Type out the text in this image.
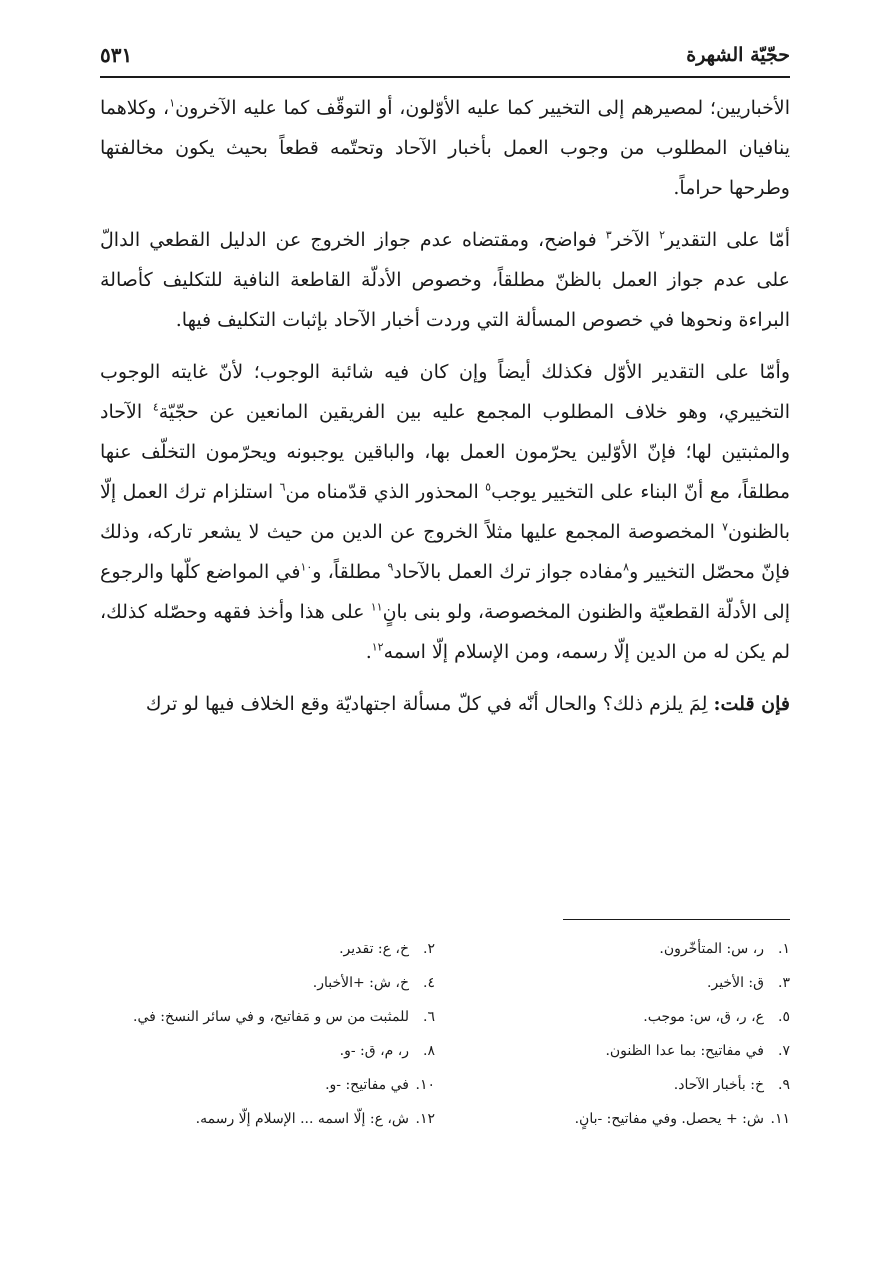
حجّيّة الشهرة
٥٣١
الأخباريين؛ لمصيرهم إلى التخيير كما عليه الأوّلون، أو التوقّف كما عليه الآخرون$^١$، وكلاهما ينافيان المطلوب من وجوب العمل بأخبار الآحاد وتحتّمه قطعاً بحيث يكون مخالفتها وطرحها حراماً.
أمّا على التقدير$^٢$ الآخر$^٣$ فواضح، ومقتضاه عدم جواز الخروج عن الدليل القطعي الدالّ على عدم جواز العمل بالظنّ مطلقاً، وخصوص الأدلّة القاطعة النافية للتكليف كأصالة البراءة ونحوها في خصوص المسألة التي وردت أخبار الآحاد بإثبات التكليف فيها.
وأمّا على التقدير الأوّل فكذلك أيضاً وإن كان فيه شائبة الوجوب؛ لأنّ غايته الوجوب التخييري، وهو خلاف المطلوب المجمع عليه بين الفريقين المانعين عن حجّيّة$^٤$ الآحاد والمثبتين لها؛ فإنّ الأوّلين يحرّمون العمل بها، والباقين يوجبونه ويحرّمون التخلّف عنها مطلقاً، مع أنّ البناء على التخيير يوجب$^٥$ المحذور الذي قدّمناه من$^٦$ استلزام ترك العمل إلّا بالظنون$^٧$ المخصوصة المجمع عليها مثلاً الخروج عن الدين من حيث لا يشعر تاركه، وذلك فإنّ محصّل التخيير و$^٨$مفاده جواز ترك العمل بالآحاد$^٩$ مطلقاً، و$^{١٠}$في المواضع كلّها والرجوع إلى الأدلّة القطعيّة والظنون المخصوصة، ولو بنى بانٍ$^{١١}$ على هذا وأخذ فقهه وحصّله كذلك، لم يكن له من الدين إلّا رسمه، ومن الإسلام إلّا اسمه$^{١٢}$.
فإن قلت: لِمَ يلزم ذلك؟ والحال أنّه في كلّ مسألة اجتهاديّة وقع الخلاف فيها لو ترك
١.ر، س: المتأخّرون.
٢.خ، ع: تقدير.
٣.ق: الأخير.
٤.خ، ش: +الأخبار.
٥.ع، ر، ق، س: موجب.
٦.للمثبت من س و مَفاتيح، و في سائر النسخ: في.
٧.في مفاتيح: بما عدا الظنون.
٨.ر، م، ق: -و.
٩.خ: بأخبار الآحاد.
١٠.في مفاتيح: -و.
١١.ش: + يحصل. وفي مفاتيح: -بانٍ.
١٢.ش، ع: إلّا اسمه ... الإسلام إلّا رسمه.
